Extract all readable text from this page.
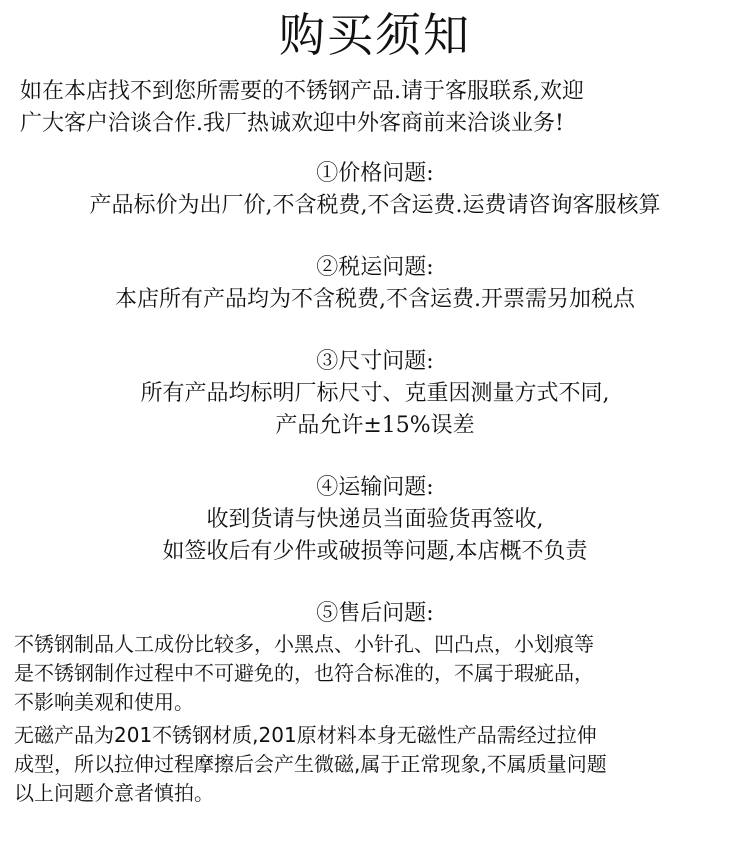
购买须知

如在本店找不到您所需要的不锈钢产品.请于客服联系,欢迎

广大客户洽谈合作.我厂热诚欢迎中外客商前来洽谈业务!

①价格问题:

产品标价为出厂价,不含税费,不含运费.运费请咨询客服核算

②税运问题:

本店所有产品均为不含税费,不含运费.开票需另加税点

③尺寸问题:

所有产品均标明厂标尺寸、克重因测量方式不同,

产品允许±15%误差

④运输问题:

收到货请与快递员当面验货再签收,

如签收后有少件或破损等问题,本店概不负责

⑤售后问题:

不锈钢制品人工成份比较多，小黑点、小针孔、凹凸点，小划痕等

是不锈钢制作过程中不可避免的，也符合标准的，不属于瑕疵品，

不影响美观和使用。

无磁产品为201不锈钢材质,201原材料本身无磁性产品需经过拉伸

成型，所以拉伸过程摩擦后会产生微磁,属于正常现象,不属质量问题

以上问题介意者慎拍。
